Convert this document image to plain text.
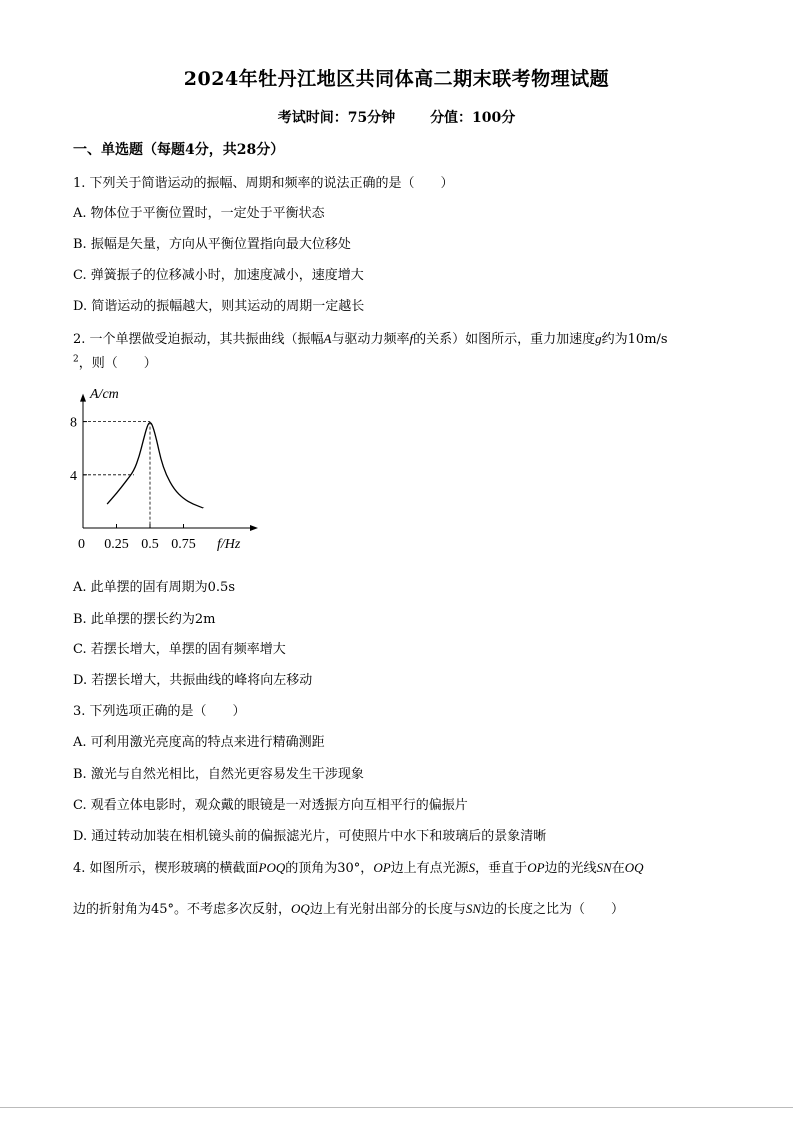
2024年牡丹江地区共同体高二期末联考物理试题
考试时间：75分钟 分值：100分
一、单选题（每题4分，共28分）
1. 下列关于简谐运动的振幅、周期和频率的说法正确的是（　　）
A. 物体位于平衡位置时，一定处于平衡状态
B. 振幅是矢量，方向从平衡位置指向最大位移处
C. 弹簧振子的位移减小时，加速度减小，速度增大
D. 简谐运动的振幅越大，则其运动的周期一定越长
2. 一个单摆做受迫振动，其共振曲线（振幅A与驱动力频率f的关系）如图所示，重力加速度g约为10m/s
$^2$，则（　　）
0.25 0.5 0.75
4
8
A/cm
f/Hz
0
A. 此单摆的固有周期为0.5s
B. 此单摆的摆长约为2m
C. 若摆长增大，单摆的固有频率增大
D. 若摆长增大，共振曲线的峰将向左移动
3. 下列选项正确的是（　　）
A. 可利用激光亮度高的特点来进行精确测距
B. 激光与自然光相比，自然光更容易发生干涉现象
C. 观看立体电影时，观众戴的眼镜是一对透振方向互相平行的偏振片
D. 通过转动加装在相机镜头前的偏振滤光片，可使照片中水下和玻璃后的景象清晰
4. 如图所示，楔形玻璃的横截面POQ的顶角为30°，OP边上有点光源S，垂直于OP边的光线SN在OQ
边的折射角为45°。不考虑多次反射，OQ边上有光射出部分的长度与SN边的长度之比为（　　）
